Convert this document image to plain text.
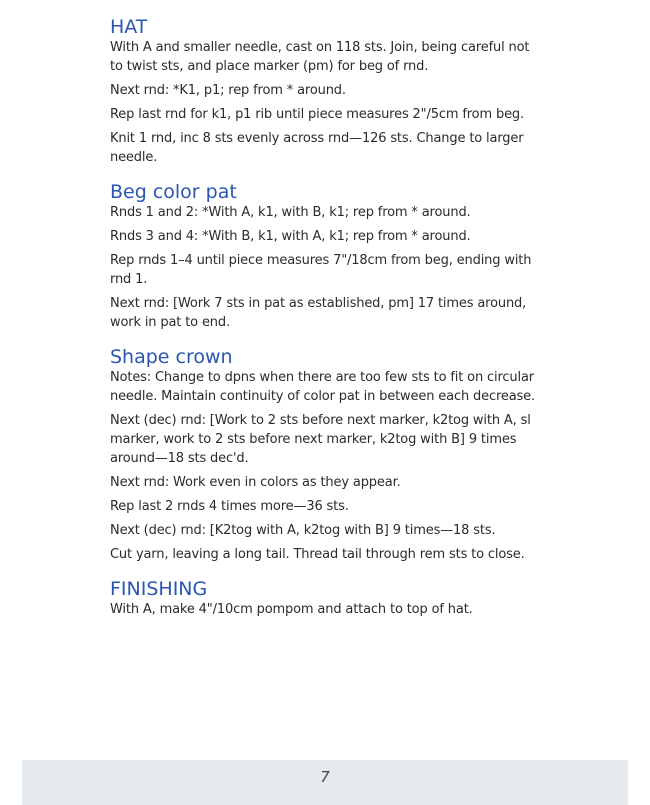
HAT

With A and smaller needle, cast on 118 sts. Join, being careful not to twist sts, and place marker (pm) for beg of rnd.

Next rnd: *K1, p1; rep from * around.

Rep last rnd for k1, p1 rib until piece measures 2"/5cm from beg.

Knit 1 rnd, inc 8 sts evenly across rnd—126 sts. Change to larger needle.

Beg color pat

Rnds 1 and 2: *With A, k1, with B, k1; rep from * around.

Rnds 3 and 4: *With B, k1, with A, k1; rep from * around.

Rep rnds 1–4 until piece measures 7"/18cm from beg, ending with rnd 1.

Next rnd: [Work 7 sts in pat as established, pm] 17 times around, work in pat to end.

Shape crown

Notes: Change to dpns when there are too few sts to fit on circular needle. Maintain continuity of color pat in between each decrease.

Next (dec) rnd: [Work to 2 sts before next marker, k2tog with A, sl marker, work to 2 sts before next marker, k2tog with B] 9 times around—18 sts dec'd.

Next rnd: Work even in colors as they appear.

Rep last 2 rnds 4 times more—36 sts.

Next (dec) rnd: [K2tog with A, k2tog with B] 9 times—18 sts.

Cut yarn, leaving a long tail. Thread tail through rem sts to close.

FINISHING

With A, make 4"/10cm pompom and attach to top of hat.

7
